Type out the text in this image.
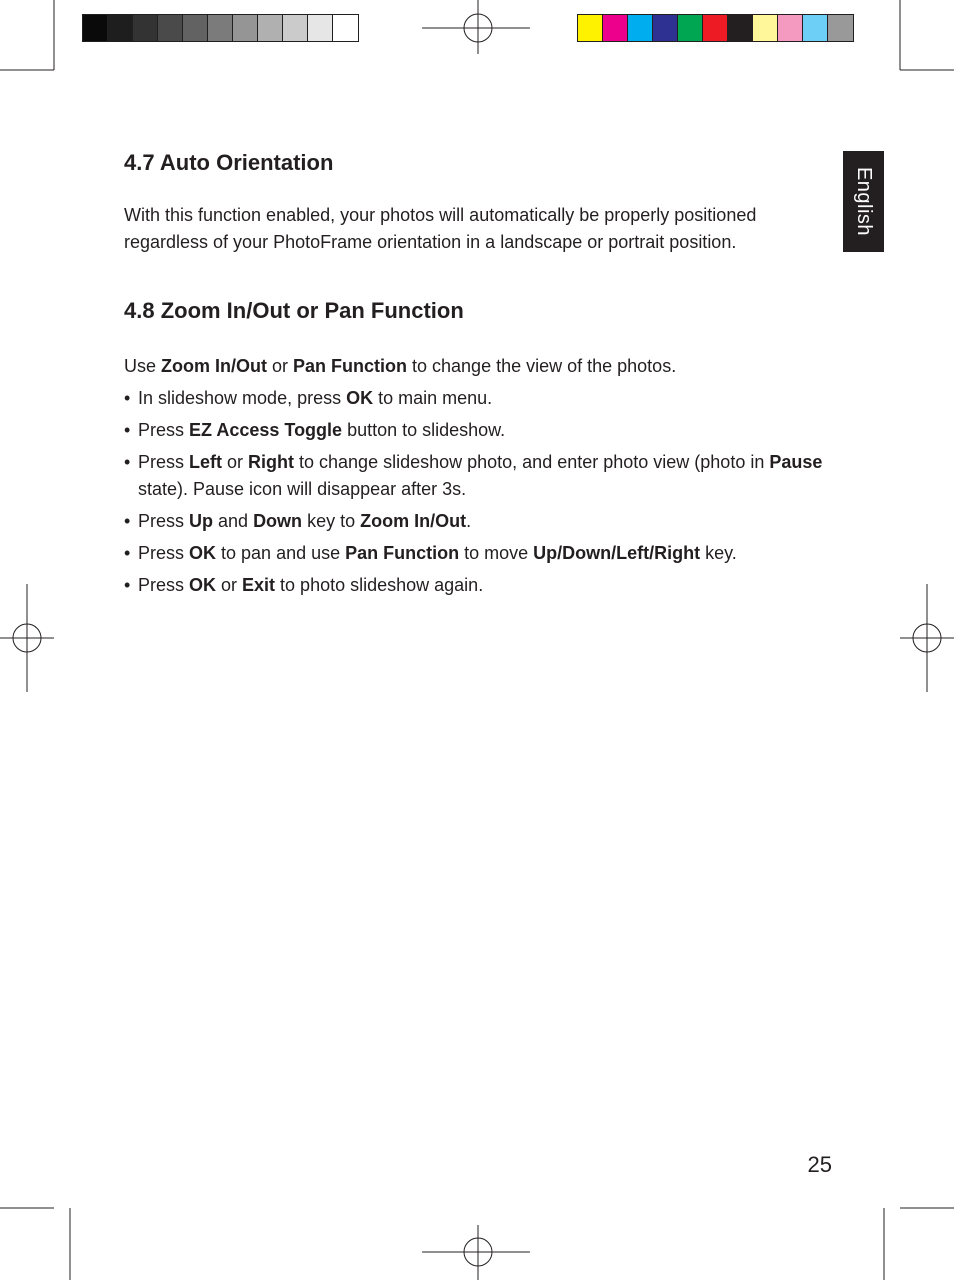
English
4.7 Auto Orientation

With this function enabled, your photos will automatically be properly positioned regardless of your PhotoFrame orientation in a landscape or portrait position.

4.8 Zoom In/Out or Pan Function

Use Zoom In/Out or Pan Function to change the view of the photos.

• In slideshow mode, press OK to main menu.
• Press EZ Access Toggle button to slideshow.
• Press Left or Right to change slideshow photo, and enter photo view (photo in Pause state). Pause icon will disappear after 3s.
• Press Up and Down key to Zoom In/Out.
• Press OK to pan and use Pan Function to move Up/Down/Left/Right key.
• Press OK or Exit to photo slideshow again.
25
